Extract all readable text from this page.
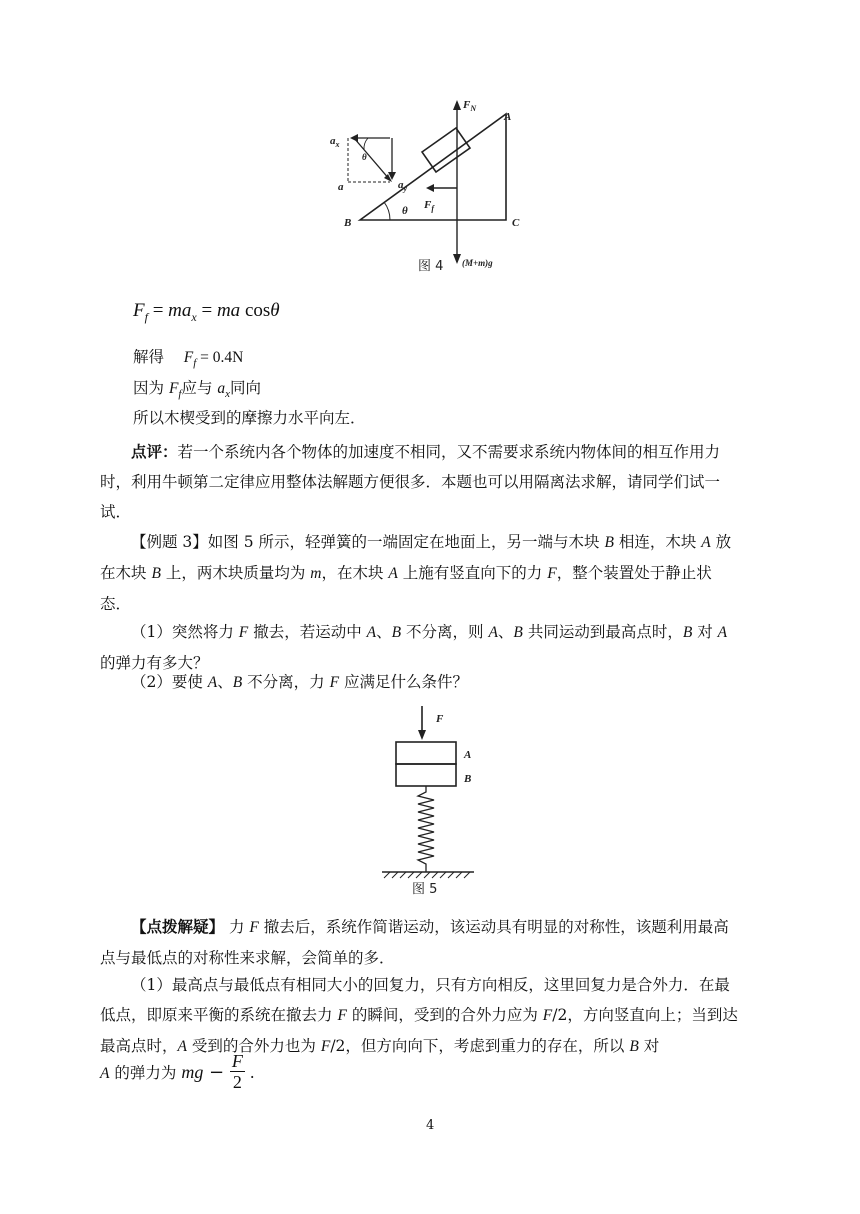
$F_N$
A
B	C
θ $F_f$
(M+m)g
$a_x$
$a_y$
a
θ
图 4
$F_f = ma_x$ = ma cosθ
解得 $F_f = 0.4N$
因为 $F_f$应与 $a_x$同向
所以木楔受到的摩擦力水平向左．
点评：若一个系统内各个物体的加速度不相同，又不需要求系统内物体间的相互作用力时，利用牛顿第二定律应用整体法解题方便很多．本题也可以用隔离法求解，请同学们试一试．
【例题 3】如图 5 所示，轻弹簧的一端固定在地面上，另一端与木块 B 相连，木块 A 放在木块 B 上，两木块质量均为 m，在木块 A 上施有竖直向下的力 F，整个装置处于静止状态．
（1）突然将力 F 撤去，若运动中 A、B 不分离，则 A、B 共同运动到最高点时，B 对 A 的弹力有多大？
（2）要使 A、B 不分离，力 F 应满足什么条件？
F
A
B
图 5
【点拨解疑】 力 F 撤去后，系统作简谐运动，该运动具有明显的对称性，该题利用最高点与最低点的对称性来求解，会简单的多．
（1）最高点与最低点有相同大小的回复力，只有方向相反，这里回复力是合外力．在最低点，即原来平衡的系统在撤去力 F 的瞬间，受到的合外力应为 F/2，方向竖直向上；当到达最高点时，A 受到的合外力也为 F/2，但方向向下，考虑到重力的存在，所以 B 对
A 的弹力为 mg − $\frac{F}{2}$ .
4
